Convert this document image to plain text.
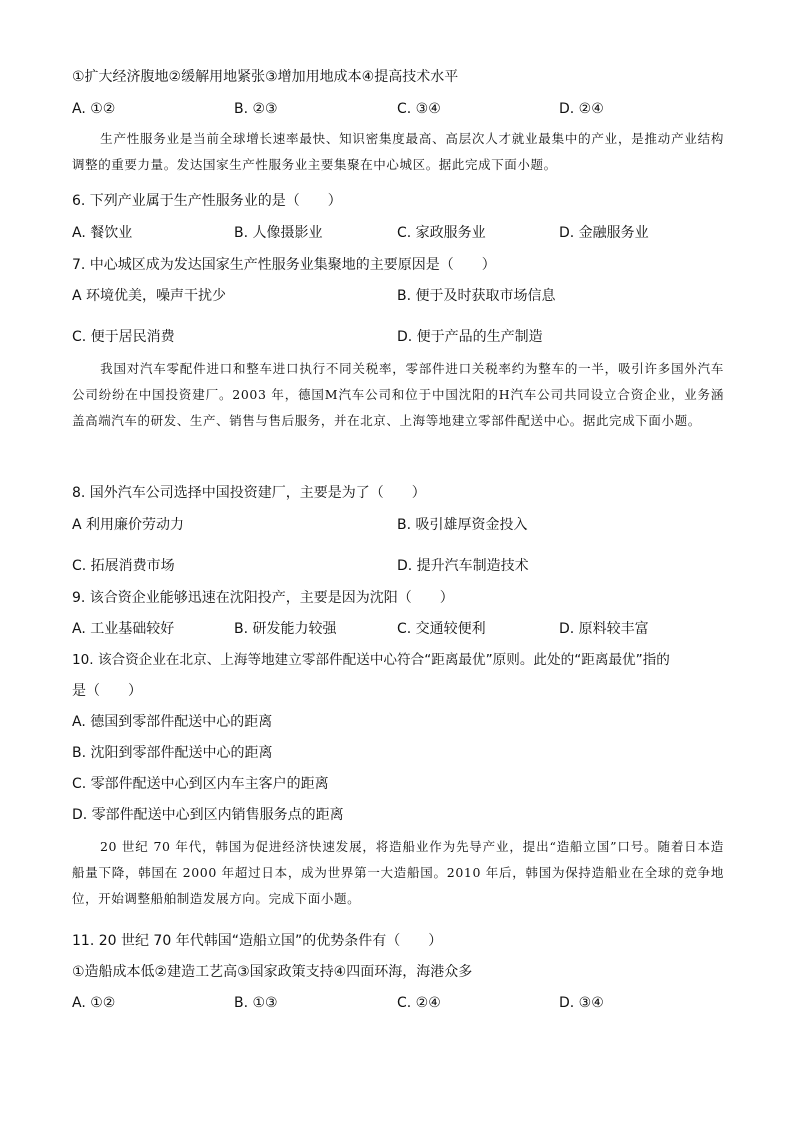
①扩大经济腹地②缓解用地紧张③增加用地成本④提高技术水平
A. ①②	B. ②③	C. ③④	D. ②④
生产性服务业是当前全球增长速率最快、知识密集度最高、高层次人才就业最集中的产业，是推动产业结构调整的重要力量。发达国家生产性服务业主要集聚在中心城区。据此完成下面小题。
6. 下列产业属于生产性服务业的是（　　）
A. 餐饮业	B. 人像摄影业	C. 家政服务业	D. 金融服务业
7. 中心城区成为发达国家生产性服务业集聚地的主要原因是（　　）
A 环境优美，噪声干扰少	B. 便于及时获取市场信息
C. 便于居民消费	D. 便于产品的生产制造
我国对汽车零配件进口和整车进口执行不同关税率，零部件进口关税率约为整车的一半，吸引许多国外汽车公司纷纷在中国投资建厂。2003 年，德国M汽车公司和位于中国沈阳的H汽车公司共同设立合资企业，业务涵盖高端汽车的研发、生产、销售与售后服务，并在北京、上海等地建立零部件配送中心。据此完成下面小题。
8. 国外汽车公司选择中国投资建厂，主要是为了（　　）
A 利用廉价劳动力	B. 吸引雄厚资金投入
C. 拓展消费市场	D. 提升汽车制造技术
9. 该合资企业能够迅速在沈阳投产，主要是因为沈阳（　　）
A. 工业基础较好	B. 研发能力较强	C. 交通较便利	D. 原料较丰富
10. 该合资企业在北京、上海等地建立零部件配送中心符合“距离最优”原则。此处的“距离最优”指的
是（　　）
A. 德国到零部件配送中心的距离
B. 沈阳到零部件配送中心的距离
C. 零部件配送中心到区内车主客户的距离
D. 零部件配送中心到区内销售服务点的距离
20 世纪 70 年代，韩国为促进经济快速发展，将造船业作为先导产业，提出“造船立国”口号。随着日本造船量下降，韩国在 2000 年超过日本，成为世界第一大造船国。2010 年后，韩国为保持造船业在全球的竞争地位，开始调整船舶制造发展方向。完成下面小题。
11. 20 世纪 70 年代韩国“造船立国”的优势条件有（　　）
①造船成本低②建造工艺高③国家政策支持④四面环海，海港众多
A. ①②	B. ①③	C. ②④	D. ③④
